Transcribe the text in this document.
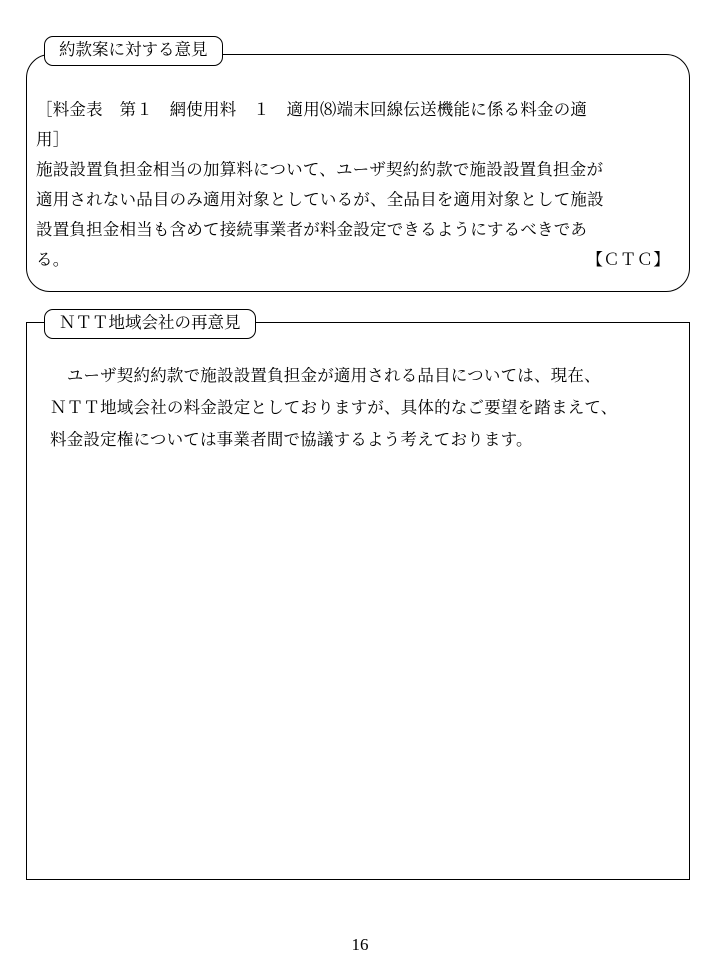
約款案に対する意見
［料金表　第１　網使用料　１　適用⑻端末回線伝送機能に係る料金の適
用］
施設設置負担金相当の加算料について、ユーザ契約約款で施設設置負担金が
適用されない品目のみ適用対象としているが、全品目を適用対象として施設
設置負担金相当も含めて接続事業者が料金設定できるようにするべきであ
る。	【ＣＴＣ】
ＮＴＴ地域会社の再意見
　ユーザ契約約款で施設設置負担金が適用される品目については、現在、
ＮＴＴ地域会社の料金設定としておりますが、具体的なご要望を踏まえて、
料金設定権については事業者間で協議するよう考えております。
16
